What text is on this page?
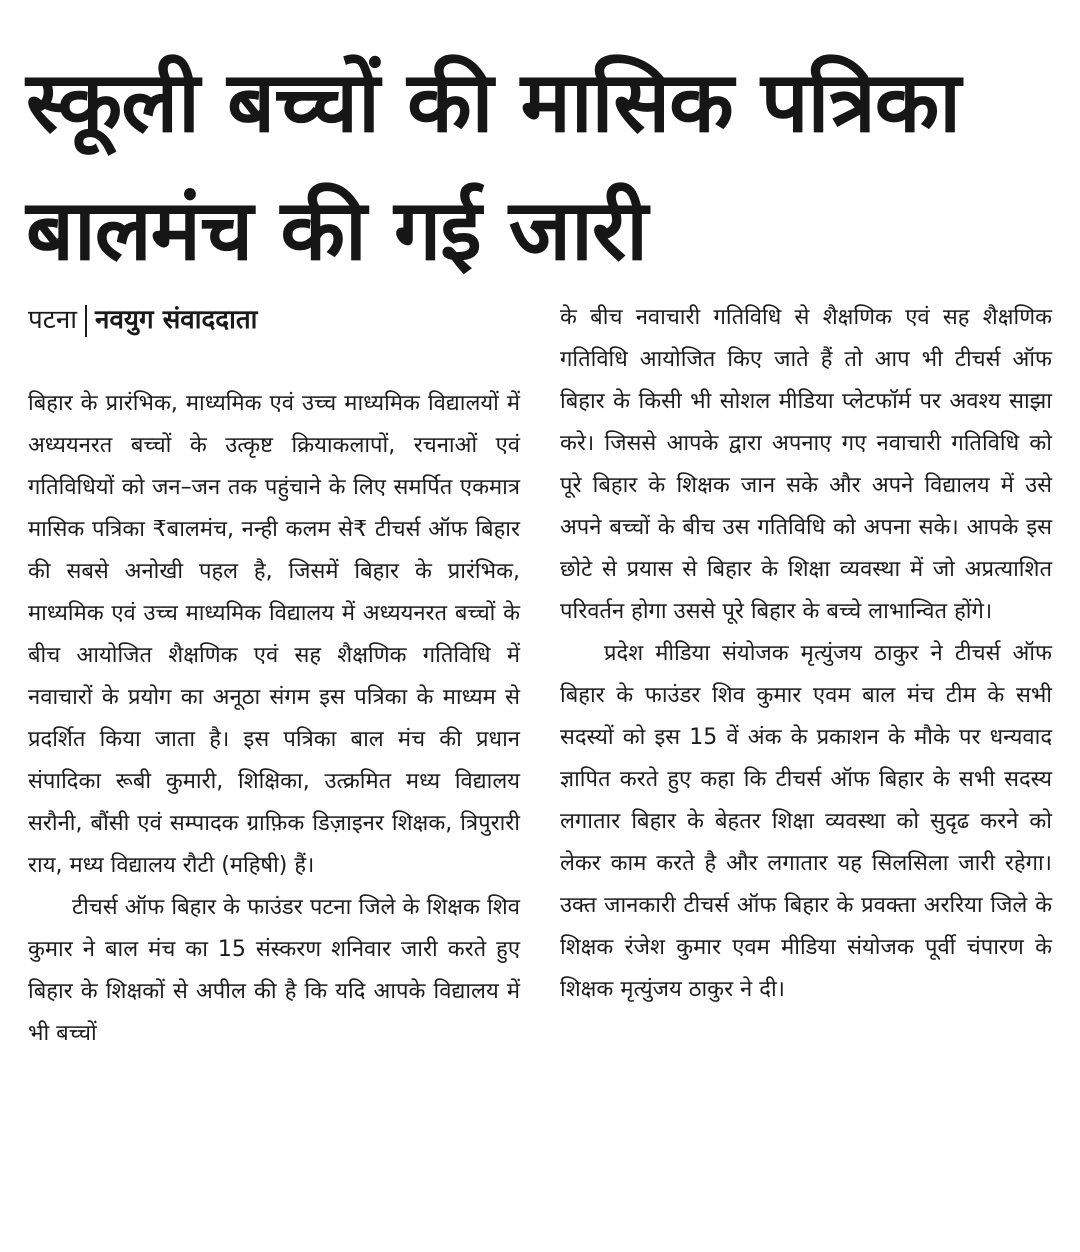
स्कूली बच्चों की मासिक पत्रिका
बालमंच की गई जारी
पटना नवयुग संवाददाता

बिहार के प्रारंभिक, माध्यमिक एवं उच्च माध्यमिक विद्यालयों में अध्ययनरत बच्चों के उत्कृष्ट क्रियाकलापों, रचनाओं एवं गतिविधियों को जन–जन तक पहुंचाने के लिए समर्पित एकमात्र मासिक पत्रिका ₹बालमंच, नन्ही कलम से₹ टीचर्स ऑफ बिहार की सबसे अनोखी पहल है, जिसमें बिहार के प्रारंभिक, माध्यमिक एवं उच्च माध्यमिक विद्यालय में अध्ययनरत बच्चों के बीच आयोजित शैक्षणिक एवं सह शैक्षणिक गतिविधि में नवाचारों के प्रयोग का अनूठा संगम इस पत्रिका के माध्यम से प्रदर्शित किया जाता है। इस पत्रिका बाल मंच की प्रधान संपादिका रूबी कुमारी, शिक्षिका, उत्क्रमित मध्य विद्यालय सरौनी, बौंसी एवं सम्पादक ग्राफ़िक डिज़ाइनर शिक्षक, त्रिपुरारी राय, मध्य विद्यालय रौटी (महिषी) हैं।

टीचर्स ऑफ बिहार के फाउंडर पटना जिले के शिक्षक शिव कुमार ने बाल मंच का 15 संस्करण शनिवार जारी करते हुए बिहार के शिक्षकों से अपील की है कि यदि आपके विद्यालय में भी बच्चों

के बीच नवाचारी गतिविधि से शैक्षणिक एवं सह शैक्षणिक गतिविधि आयोजित किए जाते हैं तो आप भी टीचर्स ऑफ बिहार के किसी भी सोशल मीडिया प्लेटफॉर्म पर अवश्य साझा करे। जिससे आपके द्वारा अपनाए गए नवाचारी गतिविधि को पूरे बिहार के शिक्षक जान सके और अपने विद्यालय में उसे अपने बच्चों के बीच उस गतिविधि को अपना सके। आपके इस छोटे से प्रयास से बिहार के शिक्षा व्यवस्था में जो अप्रत्याशित परिवर्तन होगा उससे पूरे बिहार के बच्चे लाभान्वित होंगे।

प्रदेश मीडिया संयोजक मृत्युंजय ठाकुर ने टीचर्स ऑफ बिहार के फाउंडर शिव कुमार एवम बाल मंच टीम के सभी सदस्यों को इस 15 वें अंक के प्रकाशन के मौके पर धन्यवाद ज्ञापित करते हुए कहा कि टीचर्स ऑफ बिहार के सभी सदस्य लगातार बिहार के बेहतर शिक्षा व्यवस्था को सुदृढ करने को लेकर काम करते है और लगातार यह सिलसिला जारी रहेगा। उक्त जानकारी टीचर्स ऑफ बिहार के प्रवक्ता अररिया जिले के शिक्षक रंजेश कुमार एवम मीडिया संयोजक पूर्वी चंपारण के शिक्षक मृत्युंजय ठाकुर ने दी।
